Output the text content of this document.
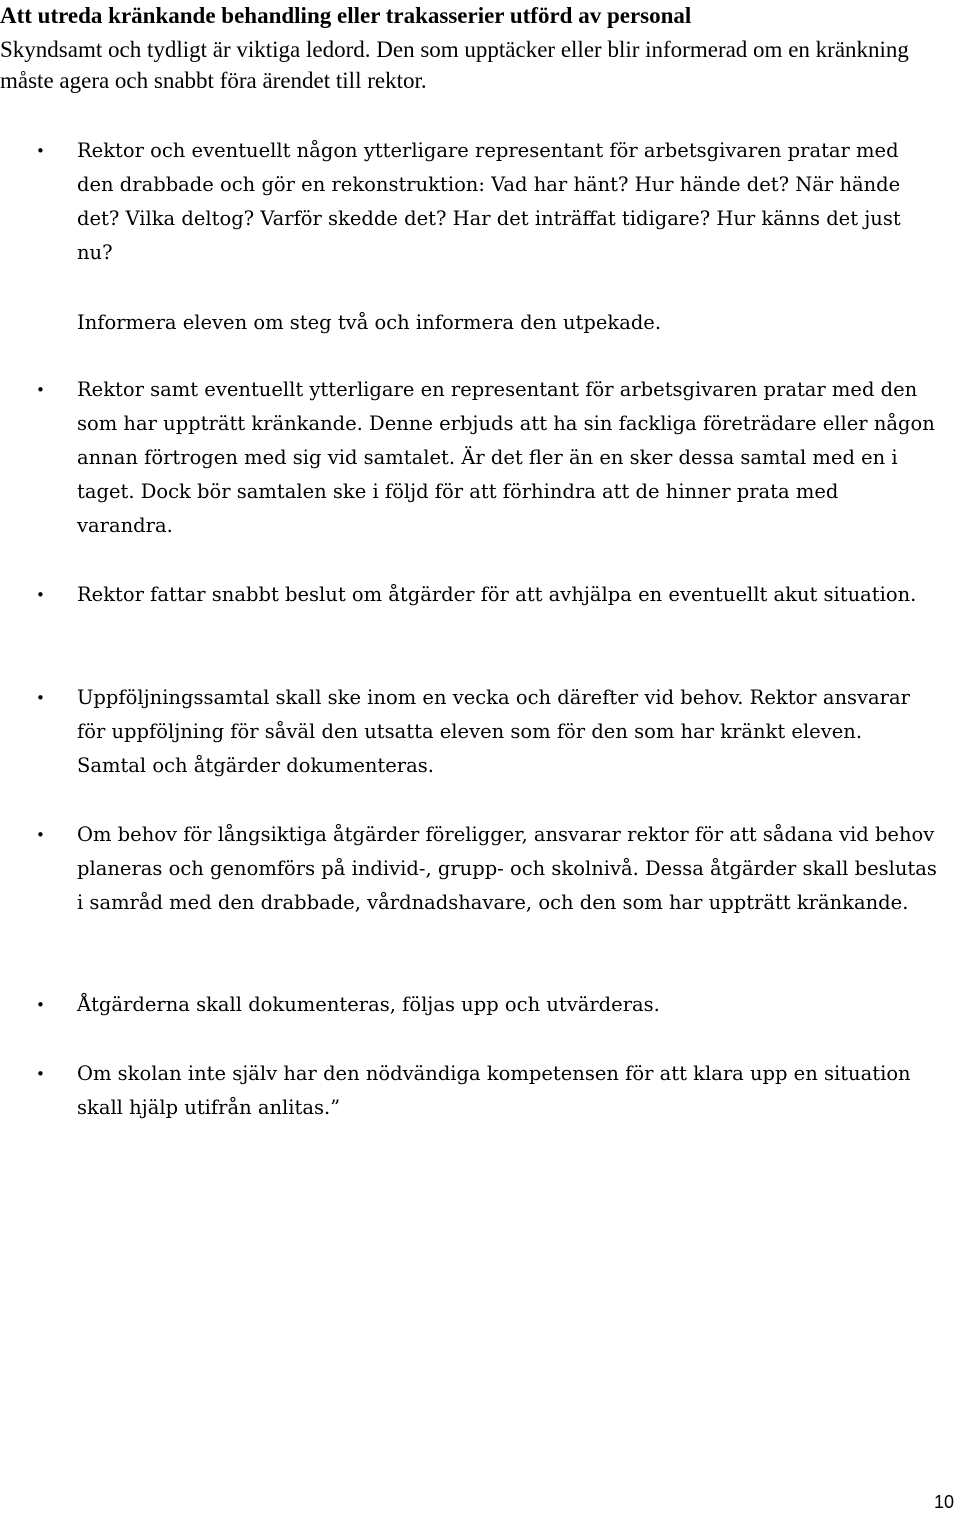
Att utreda kränkande behandling eller trakasserier utförd av personal
Skyndsamt och tydligt är viktiga ledord. Den som upptäcker eller blir informerad om en kränkning måste agera och snabbt föra ärendet till rektor.
• Rektor och eventuellt någon ytterligare representant för arbetsgivaren pratar med den drabbade och gör en rekonstruktion: Vad har hänt? Hur hände det? När hände det? Vilka deltog? Varför skedde det? Har det inträffat tidigare? Hur känns det just nu?
Informera eleven om steg två och informera den utpekade.
• Rektor samt eventuellt ytterligare en representant för arbetsgivaren pratar med den som har uppträtt kränkande. Denne erbjuds att ha sin fackliga företrädare eller någon annan förtrogen med sig vid samtalet. Är det fler än en sker dessa samtal med en i taget. Dock bör samtalen ske i följd för att förhindra att de hinner prata med varandra.
• Rektor fattar snabbt beslut om åtgärder för att avhjälpa en eventuellt akut situation.
• Uppföljningssamtal skall ske inom en vecka och därefter vid behov. Rektor ansvarar för uppföljning för såväl den utsatta eleven som för den som har kränkt eleven. Samtal och åtgärder dokumenteras.
• Om behov för långsiktiga åtgärder föreligger, ansvarar rektor för att sådana vid behov planeras och genomförs på individ-, grupp- och skolnivå. Dessa åtgärder skall beslutas i samråd med den drabbade, vårdnadshavare, och den som har uppträtt kränkande.
• Åtgärderna skall dokumenteras, följas upp och utvärderas.
• Om skolan inte själv har den nödvändiga kompetensen för att klara upp en situation skall hjälp utifrån anlitas.”
10
